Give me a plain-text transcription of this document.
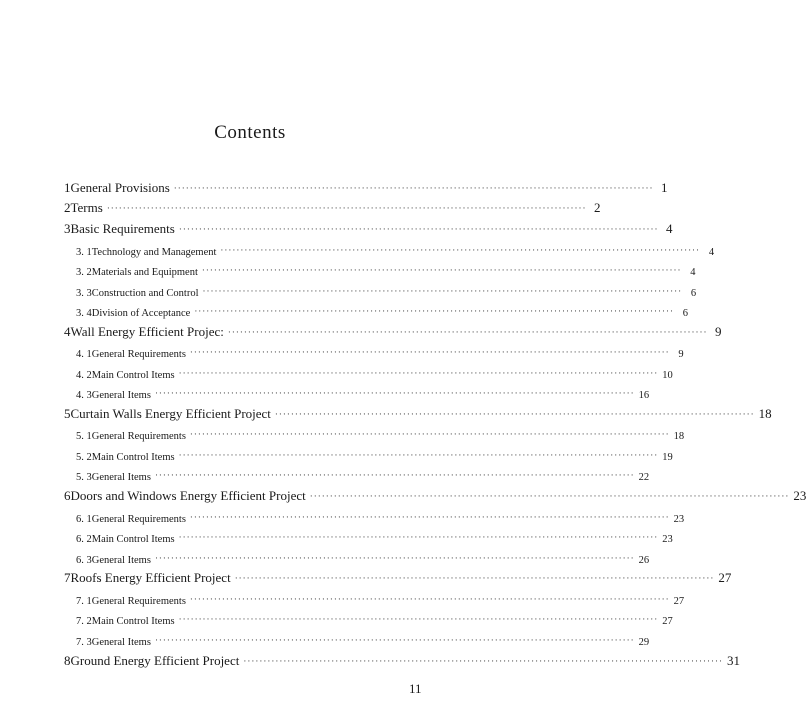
Contents
1 General Provisions ························································································································ 1
2 Terms ························································································································ 2
3 Basic Requirements ························································································································ 4
3. 1 Technology and Management ························································································································ 4
3. 2 Materials and Equipment ························································································································ 4
3. 3 Construction and Control ························································································································ 6
3. 4 Division of Acceptance ························································································································ 6
4 Wall Energy Efficient Projec: ························································································································ 9
4. 1 General Requirements ························································································································ 9
4. 2 Main Control Items ························································································································ 10
4. 3 General Items ························································································································ 16
5 Curtain Walls Energy Efficient Project ························································································································ 18
5. 1 General Requirements ························································································································ 18
5. 2 Main Control Items ························································································································ 19
5. 3 General Items ························································································································ 22
6 Doors and Windows Energy Efficient Project ························································································································ 23
6. 1 General Requirements ························································································································ 23
6. 2 Main Control Items ························································································································ 23
6. 3 General Items ························································································································ 26
7 Roofs Energy Efficient Project ························································································································ 27
7. 1 General Requirements ························································································································ 27
7. 2 Main Control Items ························································································································ 27
7. 3 General Items ························································································································ 29
8 Ground Energy Efficient Project ························································································································ 31
11
